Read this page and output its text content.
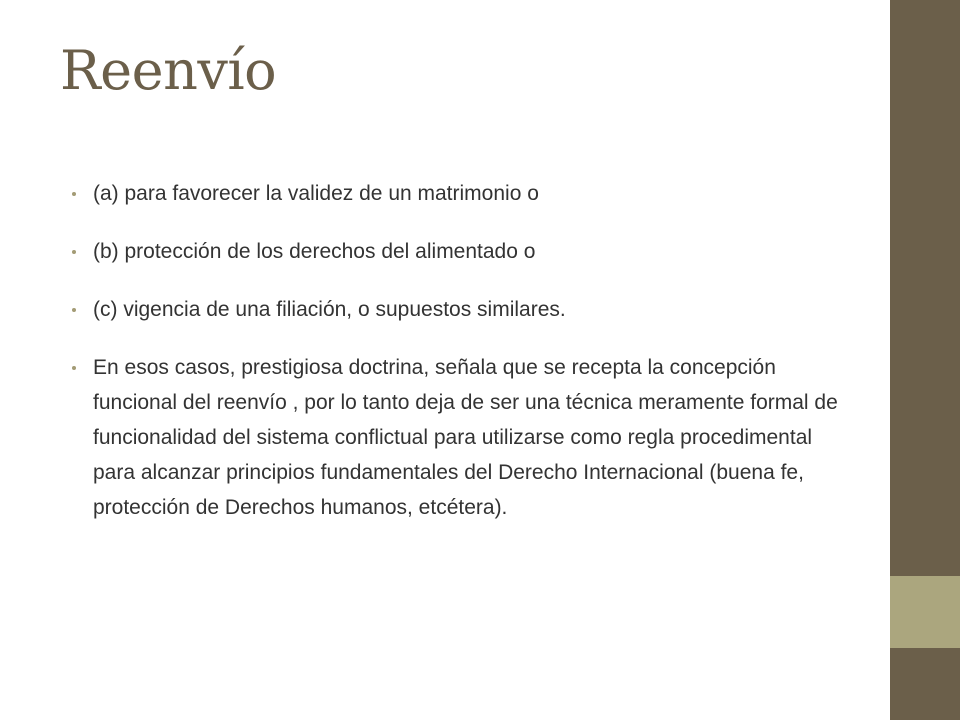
Reenvío
(a) para favorecer la validez de un matrimonio o
(b) protección de los derechos del alimentado o
(c) vigencia de una filiación, o supuestos similares.
En esos casos, prestigiosa doctrina, señala que se recepta la concepción funcional del reenvío , por lo tanto deja de ser una técnica meramente formal de funcionalidad del sistema conflictual para utilizarse como regla procedimental para alcanzar principios fundamentales del Derecho Internacional (buena fe, protección de Derechos humanos, etcétera).
